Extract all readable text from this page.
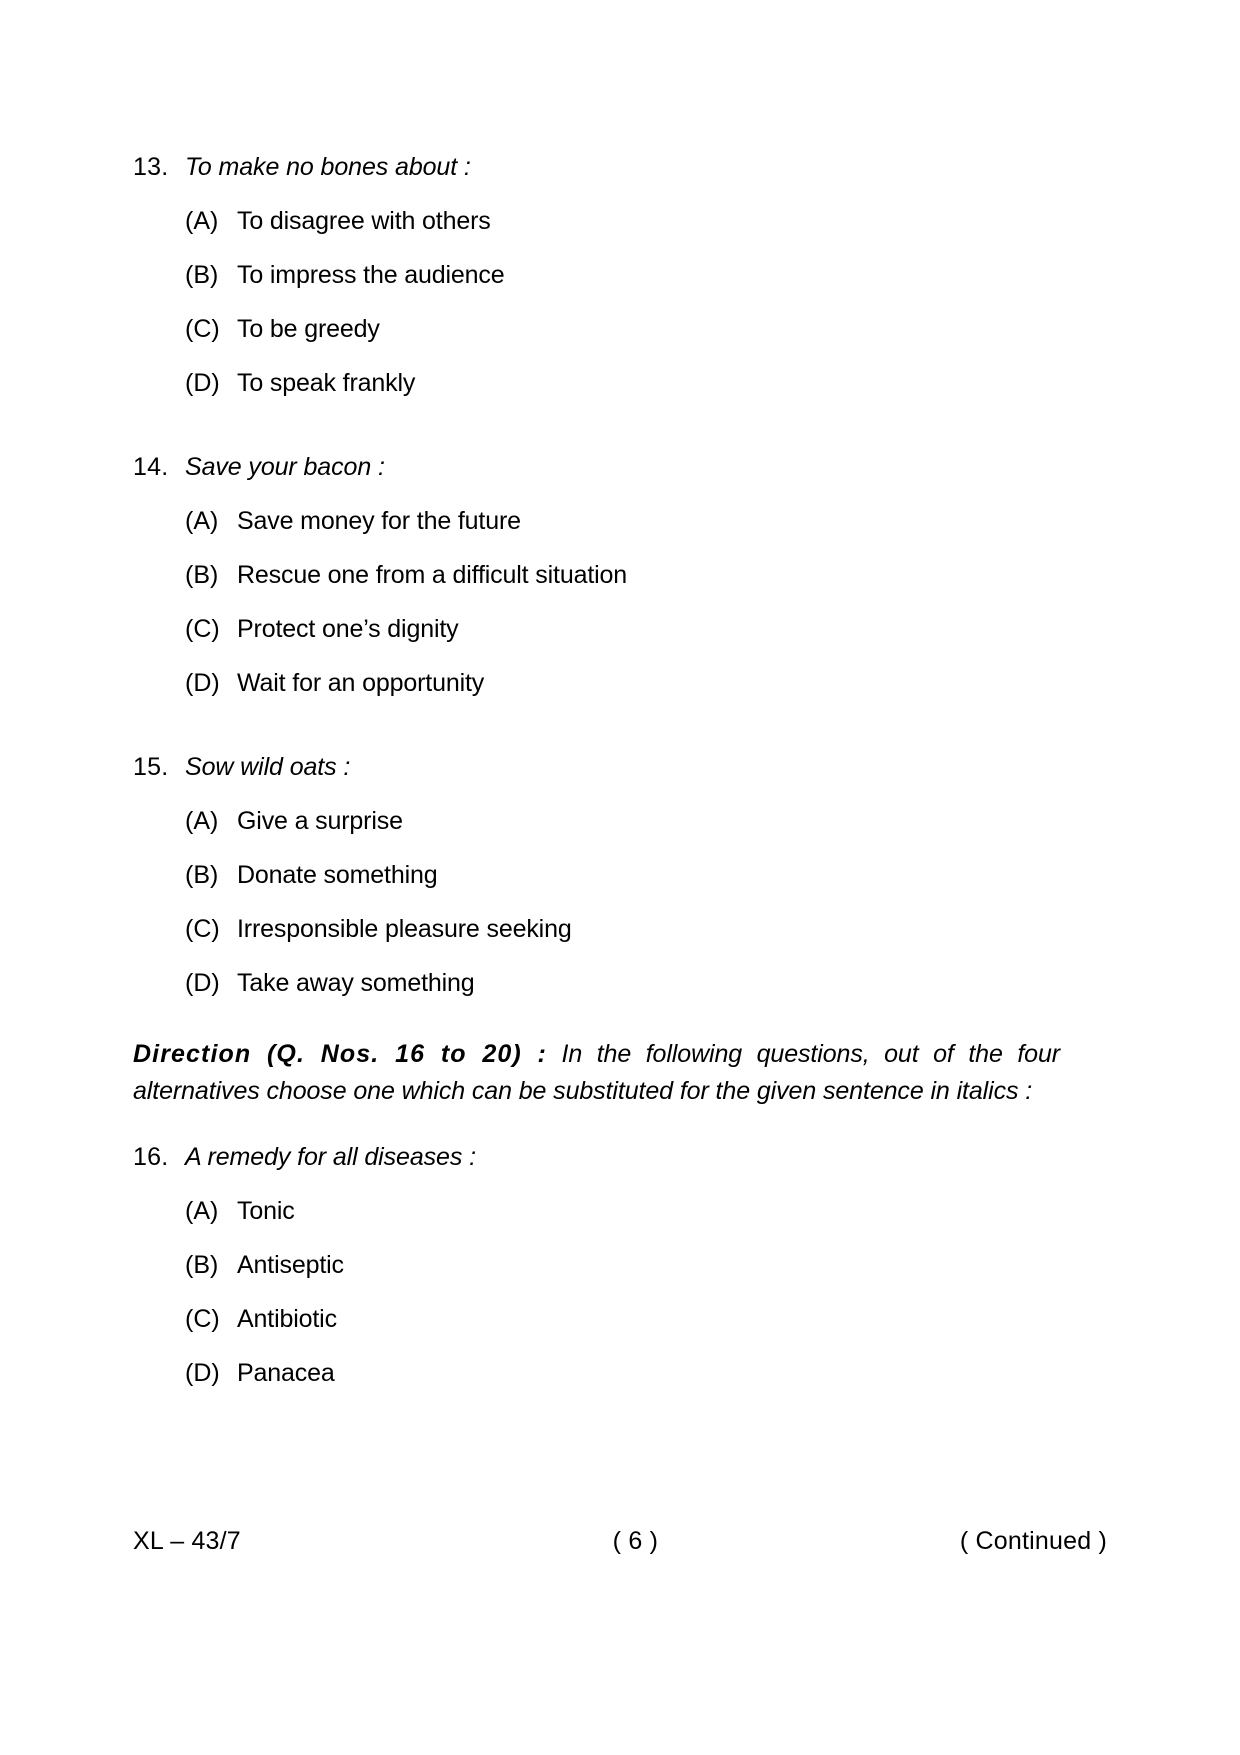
13. To make no bones about :
(A) To disagree with others
(B) To impress the audience
(C) To be greedy
(D) To speak frankly
14. Save your bacon :
(A) Save money for the future
(B) Rescue one from a difficult situation
(C) Protect one’s dignity
(D) Wait for an opportunity
15. Sow wild oats :
(A) Give a surprise
(B) Donate something
(C) Irresponsible pleasure seeking
(D) Take away something

Direction (Q. Nos. 16 to 20) : In the following questions, out of the four alternatives choose one which can be substituted for the given sentence in italics :

16. A remedy for all diseases :
(A) Tonic
(B) Antiseptic
(C) Antibiotic
(D) Panacea
XL – 43/7	( 6 )	( Continued )
